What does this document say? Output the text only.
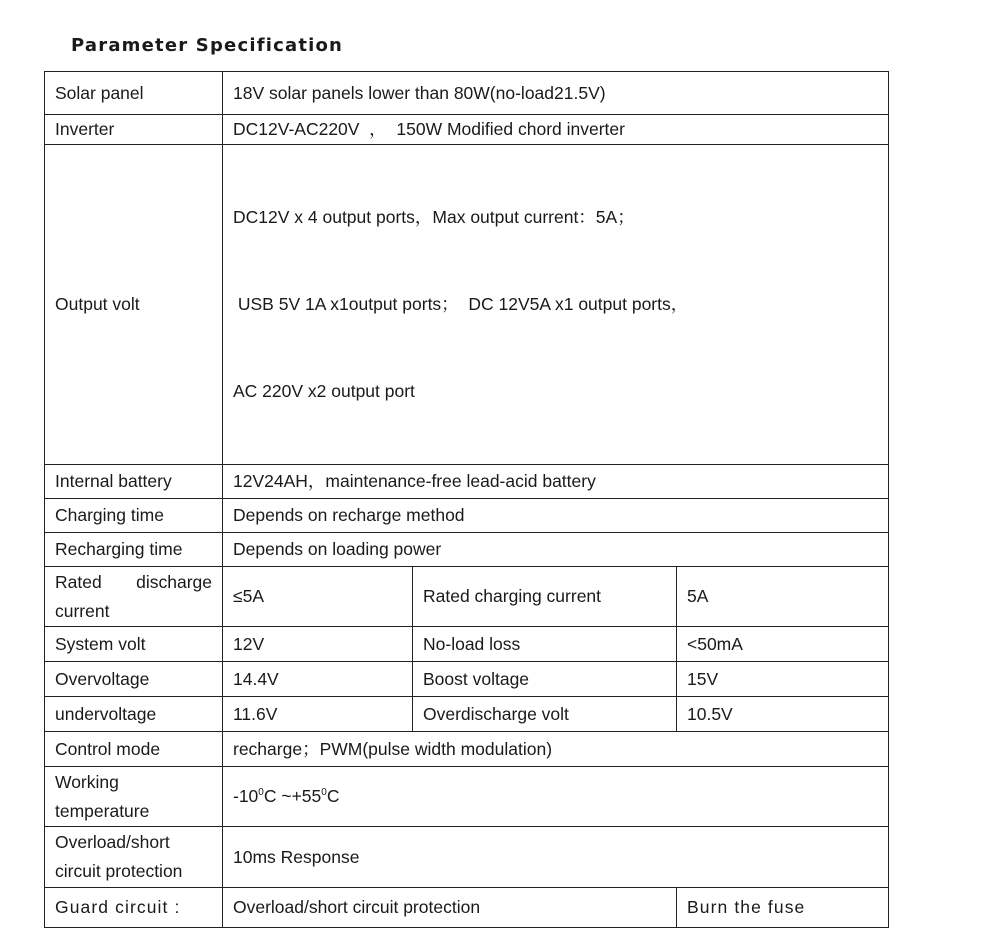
Parameter Specification
Solar panel	18V solar panels lower than 80W(no-load21.5V)		
Inverter	DC12V-AC220V  ，  150W Modified chord inverter		
Output volt	DC12V x 4 output ports，Max output current：5A；

USB 5V 1A x1output ports；  DC 12V5A x1 output ports，

AC 220V x2 output port		

Internal battery	12V24AH，maintenance-free lead-acid battery		
Charging time	Depends on recharge method		
Recharging time	Depends on loading power		

Rated discharge
current	≤5A	Rated charging current	5A
System volt	12V	No-load loss	<50mA
Overvoltage	14.4V	Boost voltage	15V
undervoltage	11.6V	Overdischarge volt	10.5V
Control mode	recharge；PWM(pulse width modulation)		

Working
temperature	$-10^0C$ $\sim+55^0C$		

Overload/short
circuit protection	10ms Response		
Guard circuit :	Overload/short circuit protection		Burn the fuse
